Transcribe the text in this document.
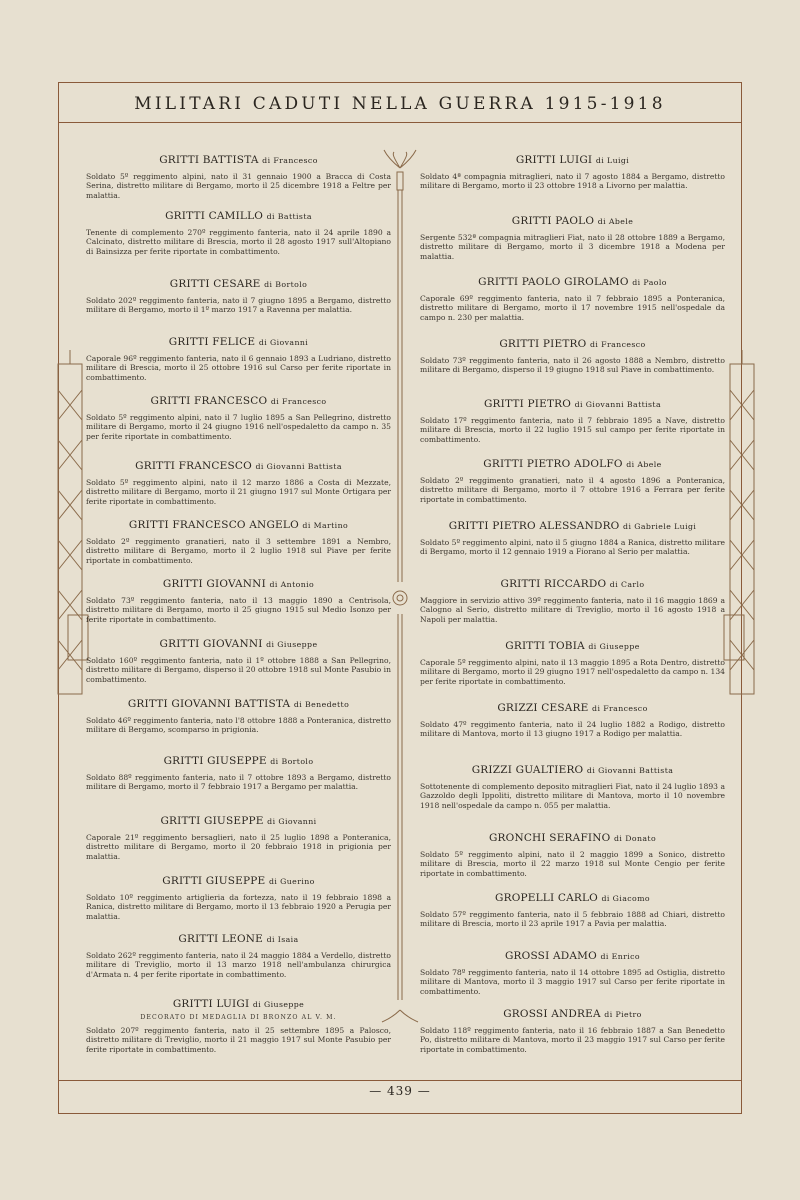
MILITARI CADUTI NELLA GUERRA 1915-1918
GRITTI BATTISTA di Francesco
Soldato 5º reggimento alpini, nato il 31 gennaio 1900 a Bracca di Costa Serina, distretto militare di Bergamo, morto il 25 dicembre 1918 a Feltre per malattia.
GRITTI CAMILLO di Battista
Tenente di complemento 270º reggimento fanteria, nato il 24 aprile 1890 a Calcinato, distretto militare di Brescia, morto il 28 agosto 1917 sull'Altopiano di Bainsizza per ferite riportate in combattimento.
GRITTI CESARE di Bortolo
Soldato 202º reggimento fanteria, nato il 7 giugno 1895 a Bergamo, distretto militare di Bergamo, morto il 1º marzo 1917 a Ravenna per malattia.
GRITTI FELICE di Giovanni
Caporale 96º reggimento fanteria, nato il 6 gennaio 1893 a Ludriano, distretto militare di Brescia, morto il 25 ottobre 1916 sul Carso per ferite riportate in combattimento.
GRITTI FRANCESCO di Francesco
Soldato 5º reggimento alpini, nato il 7 luglio 1895 a San Pellegrino, distretto militare di Bergamo, morto il 24 giugno 1916 nell'ospedaletto da campo n. 35 per ferite riportate in combattimento.
GRITTI FRANCESCO di Giovanni Battista
Soldato 5º reggimento alpini, nato il 12 marzo 1886 a Costa di Mezzate, distretto militare di Bergamo, morto il 21 giugno 1917 sul Monte Ortigara per ferite riportate in combattimento.
GRITTI FRANCESCO ANGELO di Martino
Soldato 2º reggimento granatieri, nato il 3 settembre 1891 a Nembro, distretto militare di Bergamo, morto il 2 luglio 1918 sul Piave per ferite riportate in combattimento.
GRITTI GIOVANNI di Antonio
Soldato 73º reggimento fanteria, nato il 13 maggio 1890 a Centrisola, distretto militare di Bergamo, morto il 25 giugno 1915 sul Medio Isonzo per ferite riportate in combattimento.
GRITTI GIOVANNI di Giuseppe
Soldato 160º reggimento fanteria, nato il 1º ottobre 1888 a San Pellegrino, distretto militare di Bergamo, disperso il 20 ottobre 1918 sul Monte Pasubio in combattimento.
GRITTI GIOVANNI BATTISTA di Benedetto
Soldato 46º reggimento fanteria, nato l'8 ottobre 1888 a Ponteranica, distretto militare di Bergamo, scomparso in prigionia.
GRITTI GIUSEPPE di Bortolo
Soldato 88º reggimento fanteria, nato il 7 ottobre 1893 a Bergamo, distretto militare di Bergamo, morto il 7 febbraio 1917 a Bergamo per malattia.
GRITTI GIUSEPPE di Giovanni
Caporale 21º reggimento bersaglieri, nato il 25 luglio 1898 a Ponteranica, distretto militare di Bergamo, morto il 20 febbraio 1918 in prigionia per malattia.
GRITTI GIUSEPPE di Guerino
Soldato 10º reggimento artiglieria da fortezza, nato il 19 febbraio 1898 a Ranica, distretto militare di Bergamo, morto il 13 febbraio 1920 a Perugia per malattia.
GRITTI LEONE di Isaia
Soldato 262º reggimento fanteria, nato il 24 maggio 1884 a Verdello, distretto militare di Treviglio, morto il 13 marzo 1918 nell'ambulanza chirurgica d'Armata n. 4 per ferite riportate in combattimento.
GRITTI LUIGI di Giuseppe
DECORATO DI MEDAGLIA DI BRONZO AL V. M.
Soldato 207º reggimento fanteria, nato il 25 settembre 1895 a Palosco, distretto militare di Treviglio, morto il 21 maggio 1917 sul Monte Pasubio per ferite riportate in combattimento.
GRITTI LUIGI di Luigi
Soldato 4ª compagnia mitraglieri, nato il 7 agosto 1884 a Bergamo, distretto militare di Bergamo, morto il 23 ottobre 1918 a Livorno per malattia.
GRITTI PAOLO di Abele
Sergente 532ª compagnia mitraglieri Fiat, nato il 28 ottobre 1889 a Bergamo, distretto militare di Bergamo, morto il 3 dicembre 1918 a Modena per malattia.
GRITTI PAOLO GIROLAMO di Paolo
Caporale 69º reggimento fanteria, nato il 7 febbraio 1895 a Ponteranica, distretto militare di Bergamo, morto il 17 novembre 1915 nell'ospedale da campo n. 230 per malattia.
GRITTI PIETRO di Francesco
Soldato 73º reggimento fanteria, nato il 26 agosto 1888 a Nembro, distretto militare di Bergamo, disperso il 19 giugno 1918 sul Piave in combattimento.
GRITTI PIETRO di Giovanni Battista
Soldato 17º reggimento fanteria, nato il 7 febbraio 1895 a Nave, distretto militare di Brescia, morto il 22 luglio 1915 sul campo per ferite riportate in combattimento.
GRITTI PIETRO ADOLFO di Abele
Soldato 2º reggimento granatieri, nato il 4 agosto 1896 a Ponteranica, distretto militare di Bergamo, morto il 7 ottobre 1916 a Ferrara per ferite riportate in combattimento.
GRITTI PIETRO ALESSANDRO di Gabriele Luigi
Soldato 5º reggimento alpini, nato il 5 giugno 1884 a Ranica, distretto militare di Bergamo, morto il 12 gennaio 1919 a Fiorano al Serio per malattia.
GRITTI RICCARDO di Carlo
Maggiore in servizio attivo 39º reggimento fanteria, nato il 16 maggio 1869 a Calogno al Serio, distretto militare di Treviglio, morto il 16 agosto 1918 a Napoli per malattia.
GRITTI TOBIA di Giuseppe
Caporale 5º reggimento alpini, nato il 13 maggio 1895 a Rota Dentro, distretto militare di Bergamo, morto il 29 giugno 1917 nell'ospedaletto da campo n. 134 per ferite riportate in combattimento.
GRIZZI CESARE di Francesco
Soldato 47º reggimento fanteria, nato il 24 luglio 1882 a Rodigo, distretto militare di Mantova, morto il 13 giugno 1917 a Rodigo per malattia.
GRIZZI GUALTIERO di Giovanni Battista
Sottotenente di complemento deposito mitraglieri Fiat, nato il 24 luglio 1893 a Gazzoldo degli Ippoliti, distretto militare di Mantova, morto il 10 novembre 1918 nell'ospedale da campo n. 055 per malattia.
GRONCHI SERAFINO di Donato
Soldato 5º reggimento alpini, nato il 2 maggio 1899 a Sonico, distretto militare di Brescia, morto il 22 marzo 1918 sul Monte Cengio per ferite riportate in combattimento.
GROPELLI CARLO di Giacomo
Soldato 57º reggimento fanteria, nato il 5 febbraio 1888 ad Chiari, distretto militare di Brescia, morto il 23 aprile 1917 a Pavia per malattia.
GROSSI ADAMO di Enrico
Soldato 78º reggimento fanteria, nato il 14 ottobre 1895 ad Ostiglia, distretto militare di Mantova, morto il 3 maggio 1917 sul Carso per ferite riportate in combattimento.
GROSSI ANDREA di Pietro
Soldato 118º reggimento fanteria, nato il 16 febbraio 1887 a San Benedetto Po, distretto militare di Mantova, morto il 23 maggio 1917 sul Carso per ferite riportate in combattimento.
— 439 —
